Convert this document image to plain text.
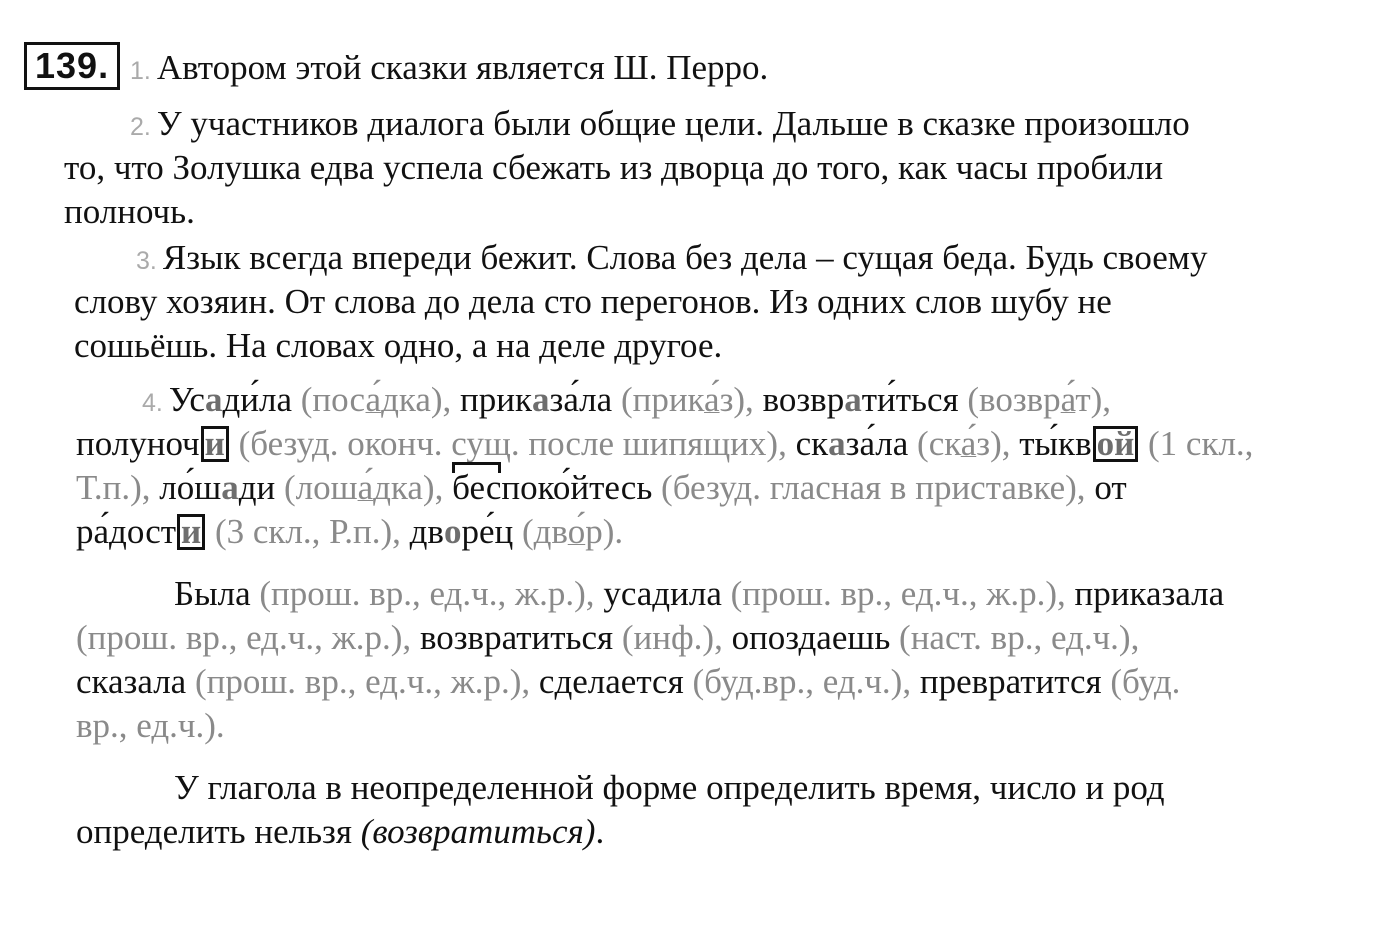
139. 1. Автором этой сказки является Ш. Перро.
2. У участников диалога были общие цели. Дальше в сказке произошло
то, что Золушка едва успела сбежать из дворца до того, как часы пробили
полночь.
3. Язык всегда впереди бежит. Слова без дела – сущая беда. Будь своему
слову хозяин. От слова до дела сто перегонов. Из одних слов шубу не
сошьёшь. На словах одно, а на деле другое.
4. Усади́ла (поса́дка), приказа́ла (прика́з), возврати́ться (возвра́т),
полуноч и (безуд. оконч. сущ. после шипящих), сказа́ла (ска́з), ты́кв ой (1 скл.,
Т.п.), ло́шади (лоша́дка), беспоко́йтесь (безуд. гласная в приставке), от
ра́дост и (3 скл., Р.п.), дворе́ц (дво́р).
Была (прош. вр., ед.ч., ж.р.), усадила (прош. вр., ед.ч., ж.р.), приказала
(прош. вр., ед.ч., ж.р.), возвратиться (инф.), опоздаешь (наст. вр., ед.ч.),
сказала (прош. вр., ед.ч., ж.р.), сделается (буд.вр., ед.ч.), превратится (буд.
вр., ед.ч.).
У глагола в неопределенной форме определить время, число и род
определить нельзя (возвратиться).
